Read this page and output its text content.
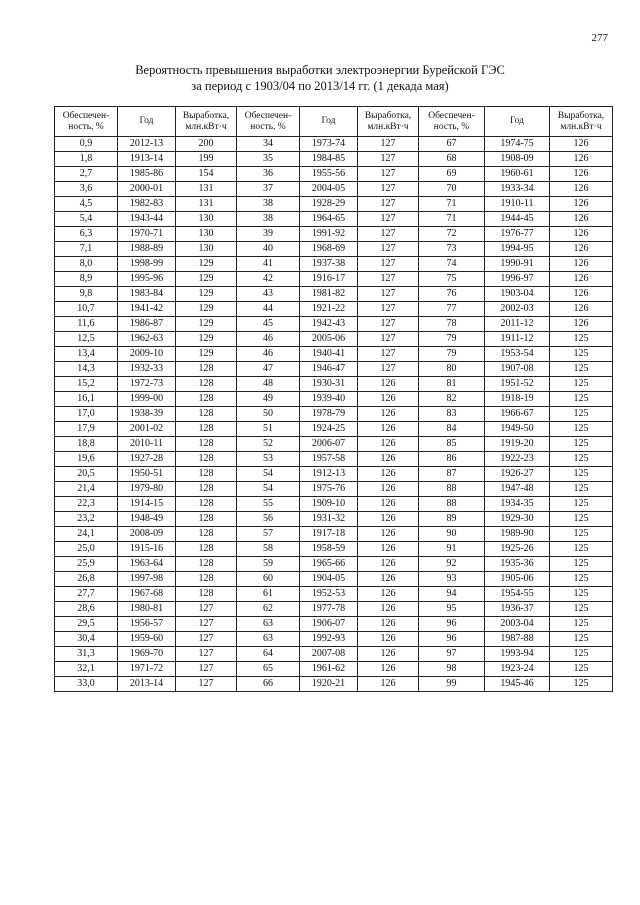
277
Вероятность превышения выработки электроэнергии Бурейской ГЭС
за период с 1903/04 по 2013/14 гг. (1 декада мая)
Обеспечен-ность, %	Год	Выработка, млн.кВт·ч	Обеспечен-ность, %	Год	Выработка, млн.кВт·ч	Обеспечен-ность, %	Год	Выработка, млн.кВт·ч
0,9	2012-13	200	34	1973-74	127	67	1974-75	126
1,8	1913-14	199	35	1984-85	127	68	1908-09	126
2,7	1985-86	154	36	1955-56	127	69	1960-61	126
3,6	2000-01	131	37	2004-05	127	70	1933-34	126
4,5	1982-83	131	38	1928-29	127	71	1910-11	126
5,4	1943-44	130	38	1964-65	127	71	1944-45	126
6,3	1970-71	130	39	1991-92	127	72	1976-77	126
7,1	1988-89	130	40	1968-69	127	73	1994-95	126
8,0	1998-99	129	41	1937-38	127	74	1990-91	126
8,9	1995-96	129	42	1916-17	127	75	1996-97	126
9,8	1983-84	129	43	1981-82	127	76	1903-04	126
10,7	1941-42	129	44	1921-22	127	77	2002-03	126
11,6	1986-87	129	45	1942-43	127	78	2011-12	126
12,5	1962-63	129	46	2005-06	127	79	1911-12	125
13,4	2009-10	129	46	1940-41	127	79	1953-54	125
14,3	1932-33	128	47	1946-47	127	80	1907-08	125
15,2	1972-73	128	48	1930-31	126	81	1951-52	125
16,1	1999-00	128	49	1939-40	126	82	1918-19	125
17,0	1938-39	128	50	1978-79	126	83	1966-67	125
17,9	2001-02	128	51	1924-25	126	84	1949-50	125
18,8	2010-11	128	52	2006-07	126	85	1919-20	125
19,6	1927-28	128	53	1957-58	126	86	1922-23	125
20,5	1950-51	128	54	1912-13	126	87	1926-27	125
21,4	1979-80	128	54	1975-76	126	88	1947-48	125
22,3	1914-15	128	55	1909-10	126	88	1934-35	125
23,2	1948-49	128	56	1931-32	126	89	1929-30	125
24,1	2008-09	128	57	1917-18	126	90	1989-90	125
25,0	1915-16	128	58	1958-59	126	91	1925-26	125
25,9	1963-64	128	59	1965-66	126	92	1935-36	125
26,8	1997-98	128	60	1904-05	126	93	1905-06	125
27,7	1967-68	128	61	1952-53	126	94	1954-55	125
28,6	1980-81	127	62	1977-78	126	95	1936-37	125
29,5	1956-57	127	63	1906-07	126	96	2003-04	125
30,4	1959-60	127	63	1992-93	126	96	1987-88	125
31,3	1969-70	127	64	2007-08	126	97	1993-94	125
32,1	1971-72	127	65	1961-62	126	98	1923-24	125
33,0	2013-14	127	66	1920-21	126	99	1945-46	125
